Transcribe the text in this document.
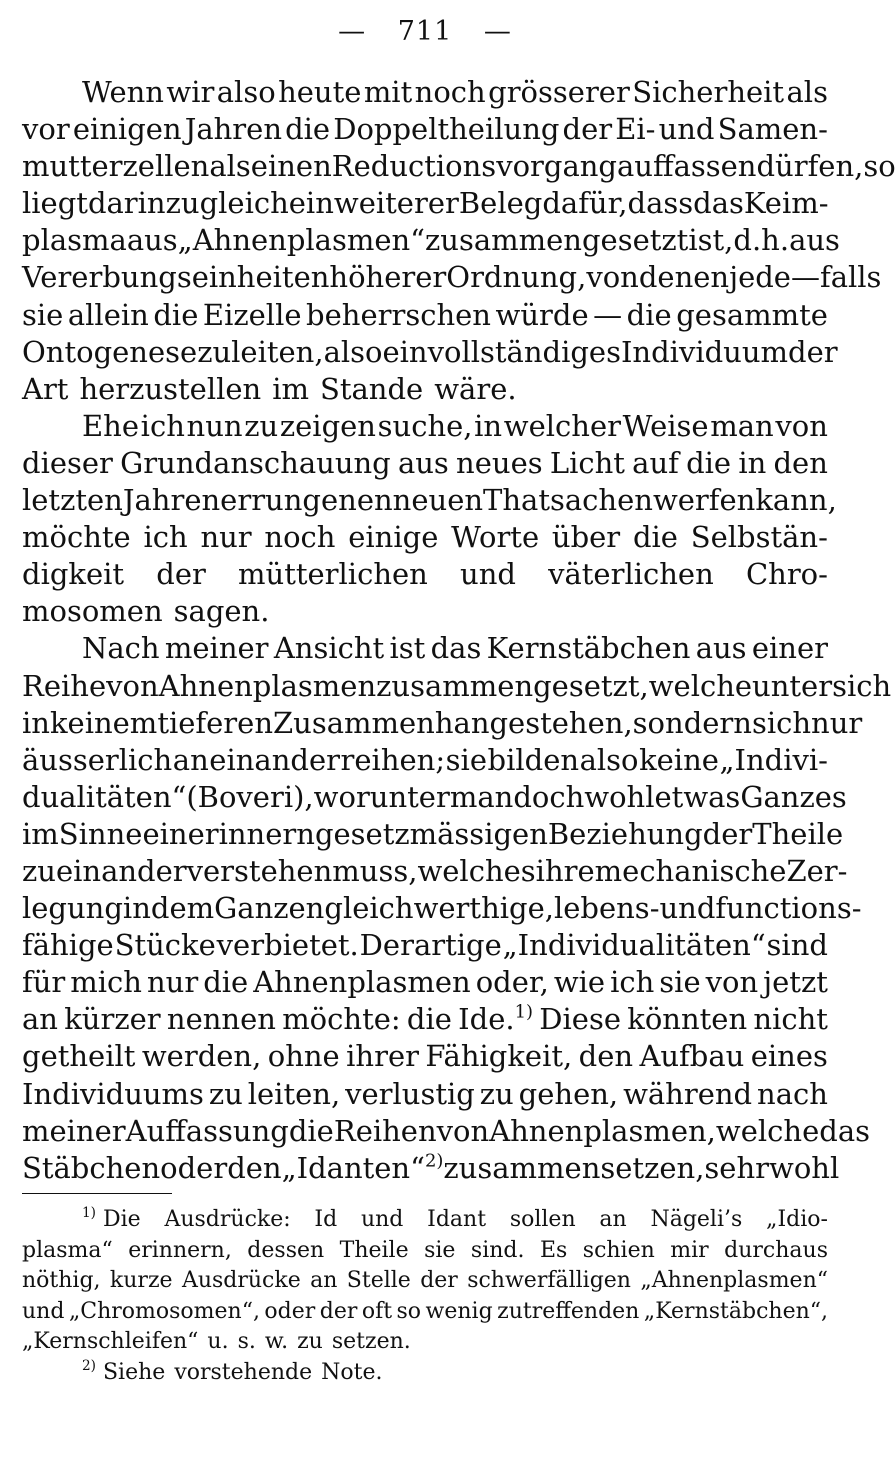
— 711 —
Wenn wir also heute mit noch grösserer Sicherheit als
vor einigen Jahren die Doppeltheilung der Ei- und Samen-
mutterzellen als einen Reductionsvorgang auffassen dürfen, so
liegt darin zugleich ein weiterer Beleg dafür, dass das Keim-
plasma aus „Ahnenplasmen“ zusammengesetzt ist, d. h. aus
Vererbungseinheiten höherer Ordnung, von denen jede — falls
sie allein die Eizelle beherrschen würde — die gesammte
Ontogenese zu leiten, also ein vollständiges Individuum der
Art herzustellen im Stande wäre.
Ehe ich nun zu zeigen suche, in welcher Weise man von
dieser Grundanschauung aus neues Licht auf die in den
letzten Jahren errungenen neuen Thatsachen werfen kann,
möchte ich nur noch einige Worte über die Selbstän-
digkeit der mütterlichen und väterlichen Chro-
mosomen sagen.
Nach meiner Ansicht ist das Kernstäbchen aus einer
Reihe von Ahnenplasmen zusammengesetzt, welche unter sich
in keinem tieferen Zusammenhange stehen, sondern sich nur
äusserlich an einander reihen; sie bilden also keine „Indivi-
dualitäten“ (Boveri), worunter man doch wohl etwas Ganzes
im Sinne einer innern gesetzmässigen Beziehung der Theile
zu einander verstehen muss, welches ihre mechanische Zer-
legung in dem Ganzen gleichwerthige, lebens- und functions-
fähige Stücke verbietet. Derartige „Individualitäten“ sind
für mich nur die Ahnenplasmen oder, wie ich sie von jetzt
an kürzer nennen möchte: die Ide.$^{1)}$ Diese könnten nicht
getheilt werden, ohne ihrer Fähigkeit, den Aufbau eines
Individuums zu leiten, verlustig zu gehen, während nach
meiner Auffassung die Reihen von Ahnenplasmen, welche das
Stäbchen oder den „Idanten“$^{2)}$ zusammensetzen, sehr wohl
$^{1)}$ Die Ausdrücke: Id und Idant sollen an Nägeli’s „Idio-
plasma“ erinnern, dessen Theile sie sind. Es schien mir durchaus
nöthig, kurze Ausdrücke an Stelle der schwerfälligen „Ahnenplasmen“
und „Chromosomen“, oder der oft so wenig zutreffenden „Kernstäbchen“,
„Kernschleifen“ u. s. w. zu setzen.
$^{2)}$ Siehe vorstehende Note.
